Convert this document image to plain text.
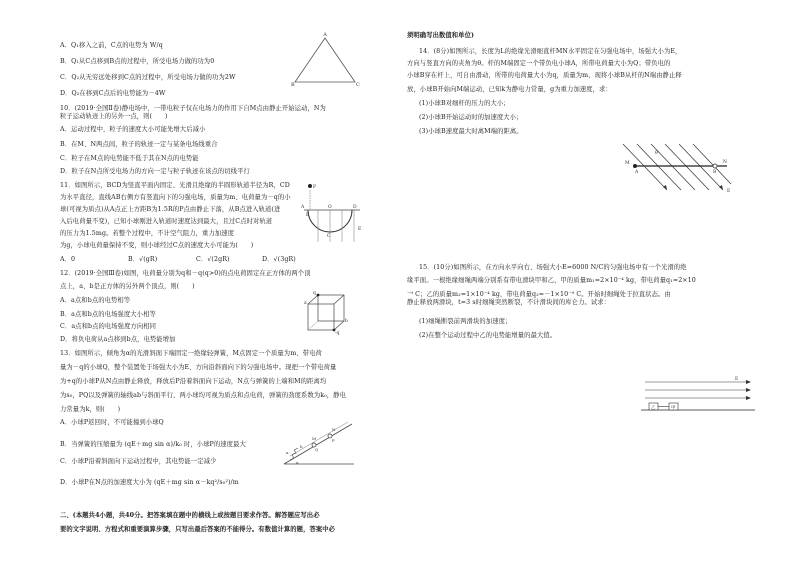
A．Q₁移入之前，C点的电势为 W/q
B．Q₁从C点移到B点的过程中，所受电场力做的功为0
C．Q₂从无穷远处移到C点的过程中，所受电场力做的功为2W
D．Q₂在移到C点后的电势能为－4W
A
B	C
10．(2019·全国Ⅱ卷)静电场中，一带电粒子仅在电场力的作用下自M点由静止开始运动，N为
粒子运动轨迹上的另外一点，则(　　)
A．运动过程中，粒子的速度大小可能先增大后减小
B．在M、N两点间，粒子的轨迹一定与某条电场线重合
C．粒子在M点的电势能不低于其在N点的电势能
D．粒子在N点所受电场力的方向一定与粒子轨迹在该点的切线平行
11．如图所示，BCD为竖直平面内固定、光滑且绝缘的半圆形轨道半径为R，CD
为水平直径，直线AB右侧方有竖直向下的匀强电场，质量为m、电荷量为－q的小
球(可视为质点)从A点正上方距B为1.5R的P点由静止下落，从B点进入轨道(进
入后电荷量不变)，已知小球刚进入轨道时速度达到最大，且过C点时对轨道
的压力为1.5mg。若整个过程中，不计空气阻力，重力加速度
为g，小球电荷量保持不变，则小球经过C点的速度大小可能为(　　)
A．0	B．√(gR)	C．√(2gR)	D．√(3gR)
P
A
B
C
D
O
E
12．(2019·全国Ⅲ卷)如图，电荷量分别为q和－q(q>0)的点电荷固定在正方体的两个顶
点上，a、b是正方体的另外两个顶点，则(　　)
A．a点和b点的电势相等
B．a点和b点的电场强度大小相等
C．a点和b点的电场强度方向相同
D．将负电荷从a点移到b点，电势能增加
q
a
b
-q
13．如图所示，倾角为α的光滑斜面下端固定一绝缘轻弹簧，M点固定一个质量为m、带电荷
量为－q的小球Q，整个装置处于场强大小为E、方向沿斜面向下的匀强电场中。现把一个带电荷量
为+q的小球P从N点由静止释放，释放后P沿着斜面向下运动，N点与弹簧的上端和M的距离均
为s₀，PQ以及弹簧的轴线ab与斜面平行，两小球均可视为质点和点电荷，弹簧的劲度系数为k₀，静电
力常量为k，则(　　)
A．小球P返回时，不可能撞到小球Q
B．当弹簧的压缩量为 (qE＋mg sin α)/k₀ 时，小球P的速度最大
C．小球P沿着斜面向下运动过程中，其电势能一定减少
D．小球P在N点的加速度大小为 (qE＋mg sin α－kq²/s₀²)/m
α
a
b
M
N
Q
P
二、(本题共4小题，共40分。把答案填在题中的横线上或按题目要求作答。解答题应写出必
要的文字说明、方程式和重要演算步骤，只写出最后答案的不能得分。有数值计算的题，答案中必
须明确写出数值和单位)
14．(8分)如图所示，长度为L的绝缘光滑细直杆MN水平固定在匀强电场中，场强大小为E，
方向与竖直方向的夹角为θ。杆的M端固定一个带负电小球A，所带电荷量大小为Q；带负电的
小球B穿在杆上，可自由滑动，所带的电荷量大小为q，质量为m，现将小球B从杆的N端由静止释
放，小球B开始向M端运动，已知k为静电力常量，g为重力加速度，求：
(1)小球B对细杆的压力的大小；
(2)小球B开始运动时的加速度大小；
(3)小球B速度最大时离M端的距离。
M	N
A	B
E
θ
15．(10分)如图所示，在方向水平向右、场强大小E=6000 N/C的匀强电场中有一个光滑的绝
缘平面。一根绝缘细绳两端分别系有带电滑块甲和乙，甲的质量m₁=2×10⁻⁴ kg，带电荷量q₁=2×10
⁻⁹ C；乙的质量m₂=1×10⁻⁴ kg，带电荷量q₂=－1×10⁻⁹ C。开始时细绳处于拉直状态。由静止释放两滑块，t=3 s时细绳突然断裂，不计滑块间的库仑力。试求：
(1)细绳断裂前两滑块的加速度；
(2)在整个运动过程中乙的电势能增量的最大值。
E
乙	甲
